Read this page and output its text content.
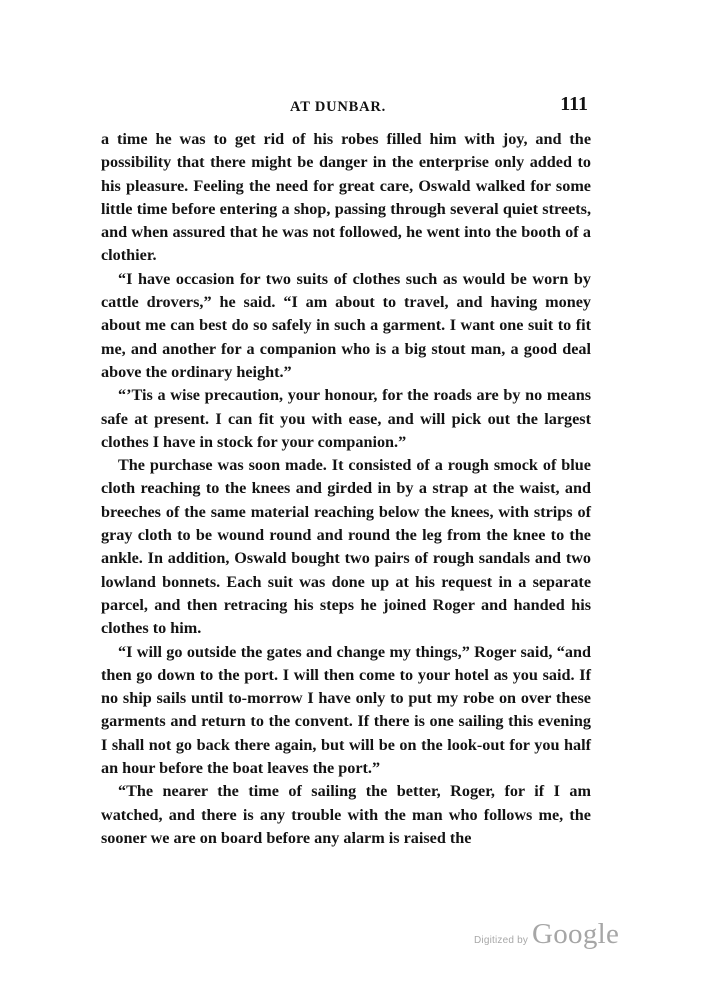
AT DUNBAR.	111

a time he was to get rid of his robes filled him with joy, and the possibility that there might be danger in the enterprise only added to his pleasure. Feeling the need for great care, Oswald walked for some little time before entering a shop, passing through several quiet streets, and when assured that he was not followed, he went into the booth of a clothier.

“I have occasion for two suits of clothes such as would be worn by cattle drovers,” he said. “I am about to travel, and having money about me can best do so safely in such a garment. I want one suit to fit me, and another for a companion who is a big stout man, a good deal above the ordinary height.”

“’Tis a wise precaution, your honour, for the roads are by no means safe at present. I can fit you with ease, and will pick out the largest clothes I have in stock for your companion.”

The purchase was soon made. It consisted of a rough smock of blue cloth reaching to the knees and girded in by a strap at the waist, and breeches of the same material reaching below the knees, with strips of gray cloth to be wound round and round the leg from the knee to the ankle. In addition, Oswald bought two pairs of rough sandals and two lowland bonnets. Each suit was done up at his request in a separate parcel, and then retracing his steps he joined Roger and handed his clothes to him.

“I will go outside the gates and change my things,” Roger said, “and then go down to the port. I will then come to your hotel as you said. If no ship sails until to-morrow I have only to put my robe on over these garments and return to the convent. If there is one sailing this evening I shall not go back there again, but will be on the look-out for you half an hour before the boat leaves the port.”

“The nearer the time of sailing the better, Roger, for if I am watched, and there is any trouble with the man who follows me, the sooner we are on board before any alarm is raised the

Digitized by Google
